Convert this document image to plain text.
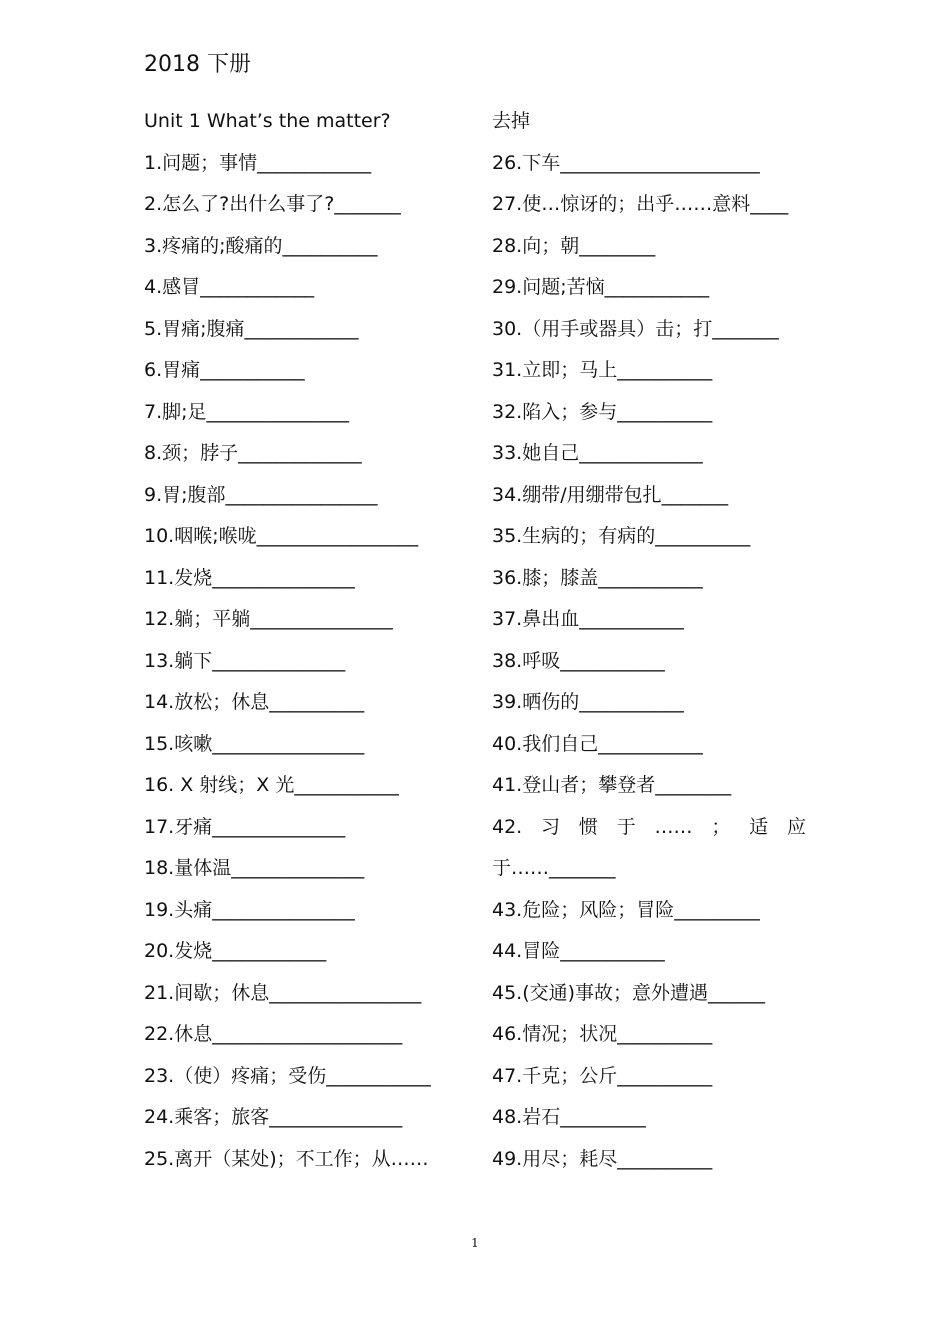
2018 下册
Unit 1 What’s the matter?
1.问题；事情____________
2.怎么了?出什么事了?_______
3.疼痛的;酸痛的__________
4.感冒____________
5.胃痛;腹痛____________
6.胃痛___________
7.脚;足_______________
8.颈；脖子_____________
9.胃;腹部________________
10.咽喉;喉咙_________________
11.发烧_______________
12.躺；平躺_______________
13.躺下______________
14.放松；休息__________
15.咳嗽________________
16. X 射线；X 光___________
17.牙痛______________
18.量体温______________
19.头痛_______________
20.发烧____________
21.间歇；休息________________
22.休息____________________
23.（使）疼痛；受伤___________
24.乘客；旅客______________
25.离开（某处)；不工作；从……
去掉
26.下车_____________________
27.使…惊讶的；出乎……意料____
28.向；朝________
29.问题;苦恼___________
30.（用手或器具）击；打_______
31.立即；马上__________
32.陷入；参与__________
33.她自己_____________
34.绷带/用绷带包扎_______
35.生病的；有病的__________
36.膝；膝盖___________
37.鼻出血___________
38.呼吸___________
39.晒伤的___________
40.我们自己___________
41.登山者；攀登者________
42. 习 惯 于 …… ； 适 应
于……_______
43.危险；风险；冒险_________
44.冒险___________
45.(交通)事故；意外遭遇______
46.情况；状况__________
47.千克；公斤__________
48.岩石_________
49.用尽；耗尽__________
1
